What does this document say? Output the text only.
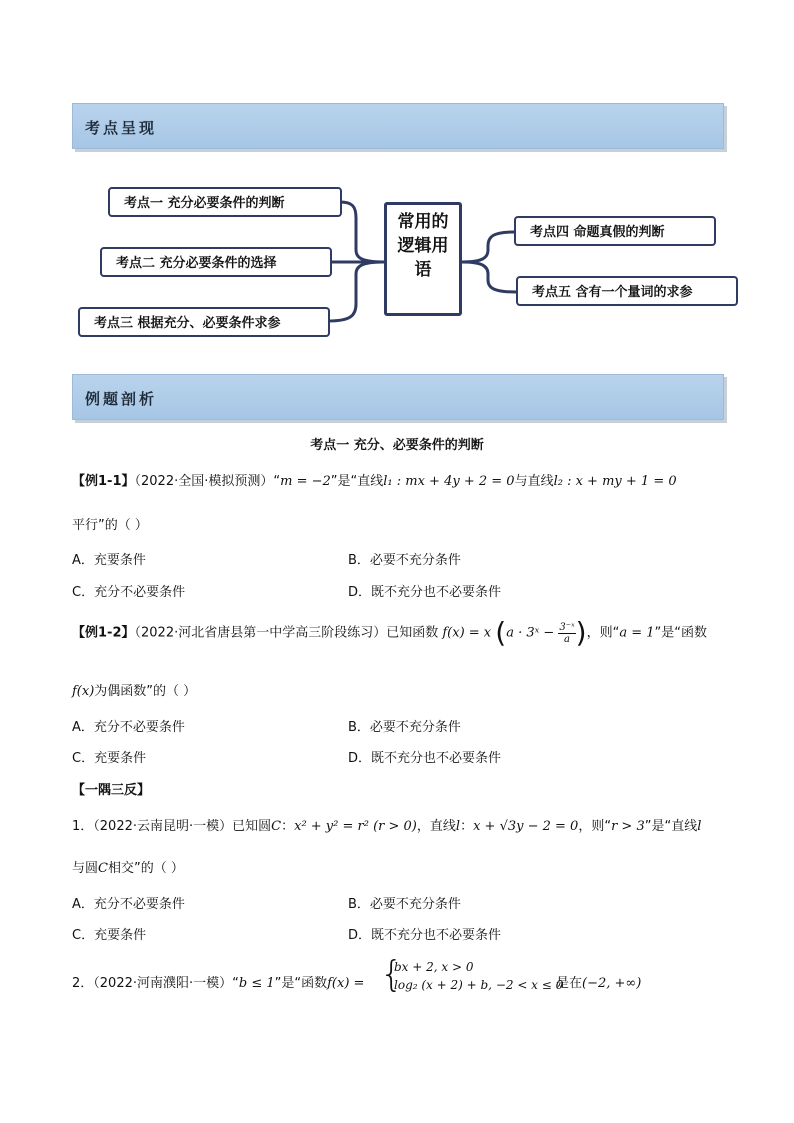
考点呈现
考点一 充分必要条件的判断
考点二 充分必要条件的选择
考点三 根据充分、必要条件求参
常用的逻辑用语
考点四 命题真假的判断
考点五 含有一个量词的求参
例题剖析
考点一 充分、必要条件的判断
【例1-1】（2022·全国·模拟预测）“m = −2”是“直线l₁ : mx + 4y + 2 = 0与直线l₂ : x + my + 1 = 0
平行”的（ ）
A．充要条件	B．必要不充分条件
C．充分不必要条件	D．既不充分也不必要条件
【例1-2】（2022·河北省唐县第一中学高三阶段练习）已知函数 f(x) = x (a · 3ˣ − $\frac{\text{3⁻ˣ}}{a}$ )，则“a = 1”是“函数
f(x)为偶函数”的（ ）
A．充分不必要条件	B．必要不充分条件
C．充要条件	D．既不充分也不必要条件
【一隅三反】
1．（2022·云南昆明·一模）已知圆C：x² + y² = r² (r > 0)，直线l：x + √3y − 2 = 0，则“r > 3”是“直线l
与圆C相交”的（ ）
A．充分不必要条件	B．必要不充分条件
C．充要条件	D．既不充分也不必要条件
2．（2022·河南濮阳·一模）“b ≤ 1”是“函数f(x) = {
bx + 2, x > 0
log₂ (x + 2) + b, −2 < x ≤ 0
是在(−2, +∞)
